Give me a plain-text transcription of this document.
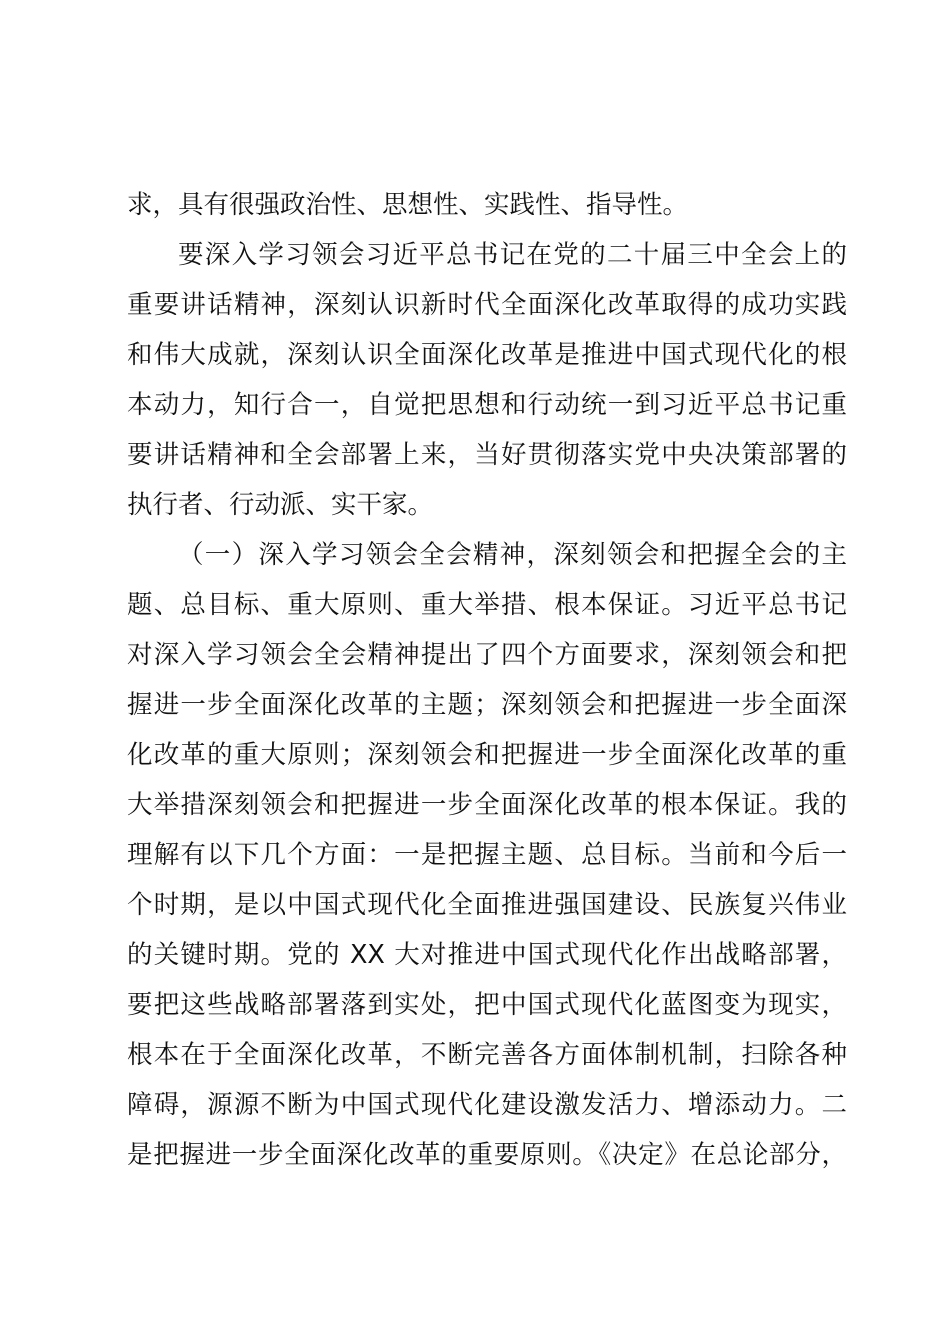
求，具有很强政治性、思想性、实践性、指导性。
要深入学习领会习近平总书记在党的二十届三中全会上的
重要讲话精神，深刻认识新时代全面深化改革取得的成功实践
和伟大成就，深刻认识全面深化改革是推进中国式现代化的根
本动力，知行合一，自觉把思想和行动统一到习近平总书记重
要讲话精神和全会部署上来，当好贯彻落实党中央决策部署的
执行者、行动派、实干家。
（一）深入学习领会全会精神，深刻领会和把握全会的主
题、总目标、重大原则、重大举措、根本保证。习近平总书记
对深入学习领会全会精神提出了四个方面要求，深刻领会和把
握进一步全面深化改革的主题；深刻领会和把握进一步全面深
化改革的重大原则；深刻领会和把握进一步全面深化改革的重
大举措深刻领会和把握进一步全面深化改革的根本保证。我的
理解有以下几个方面：一是把握主题、总目标。当前和今后一
个时期，是以中国式现代化全面推进强国建设、民族复兴伟业
的关键时期。党的 XX 大对推进中国式现代化作出战略部署，
要把这些战略部署落到实处，把中国式现代化蓝图变为现实，
根本在于全面深化改革，不断完善各方面体制机制，扫除各种
障碍，源源不断为中国式现代化建设激发活力、增添动力。二
是把握进一步全面深化改革的重要原则。《决定》在总论部分，
